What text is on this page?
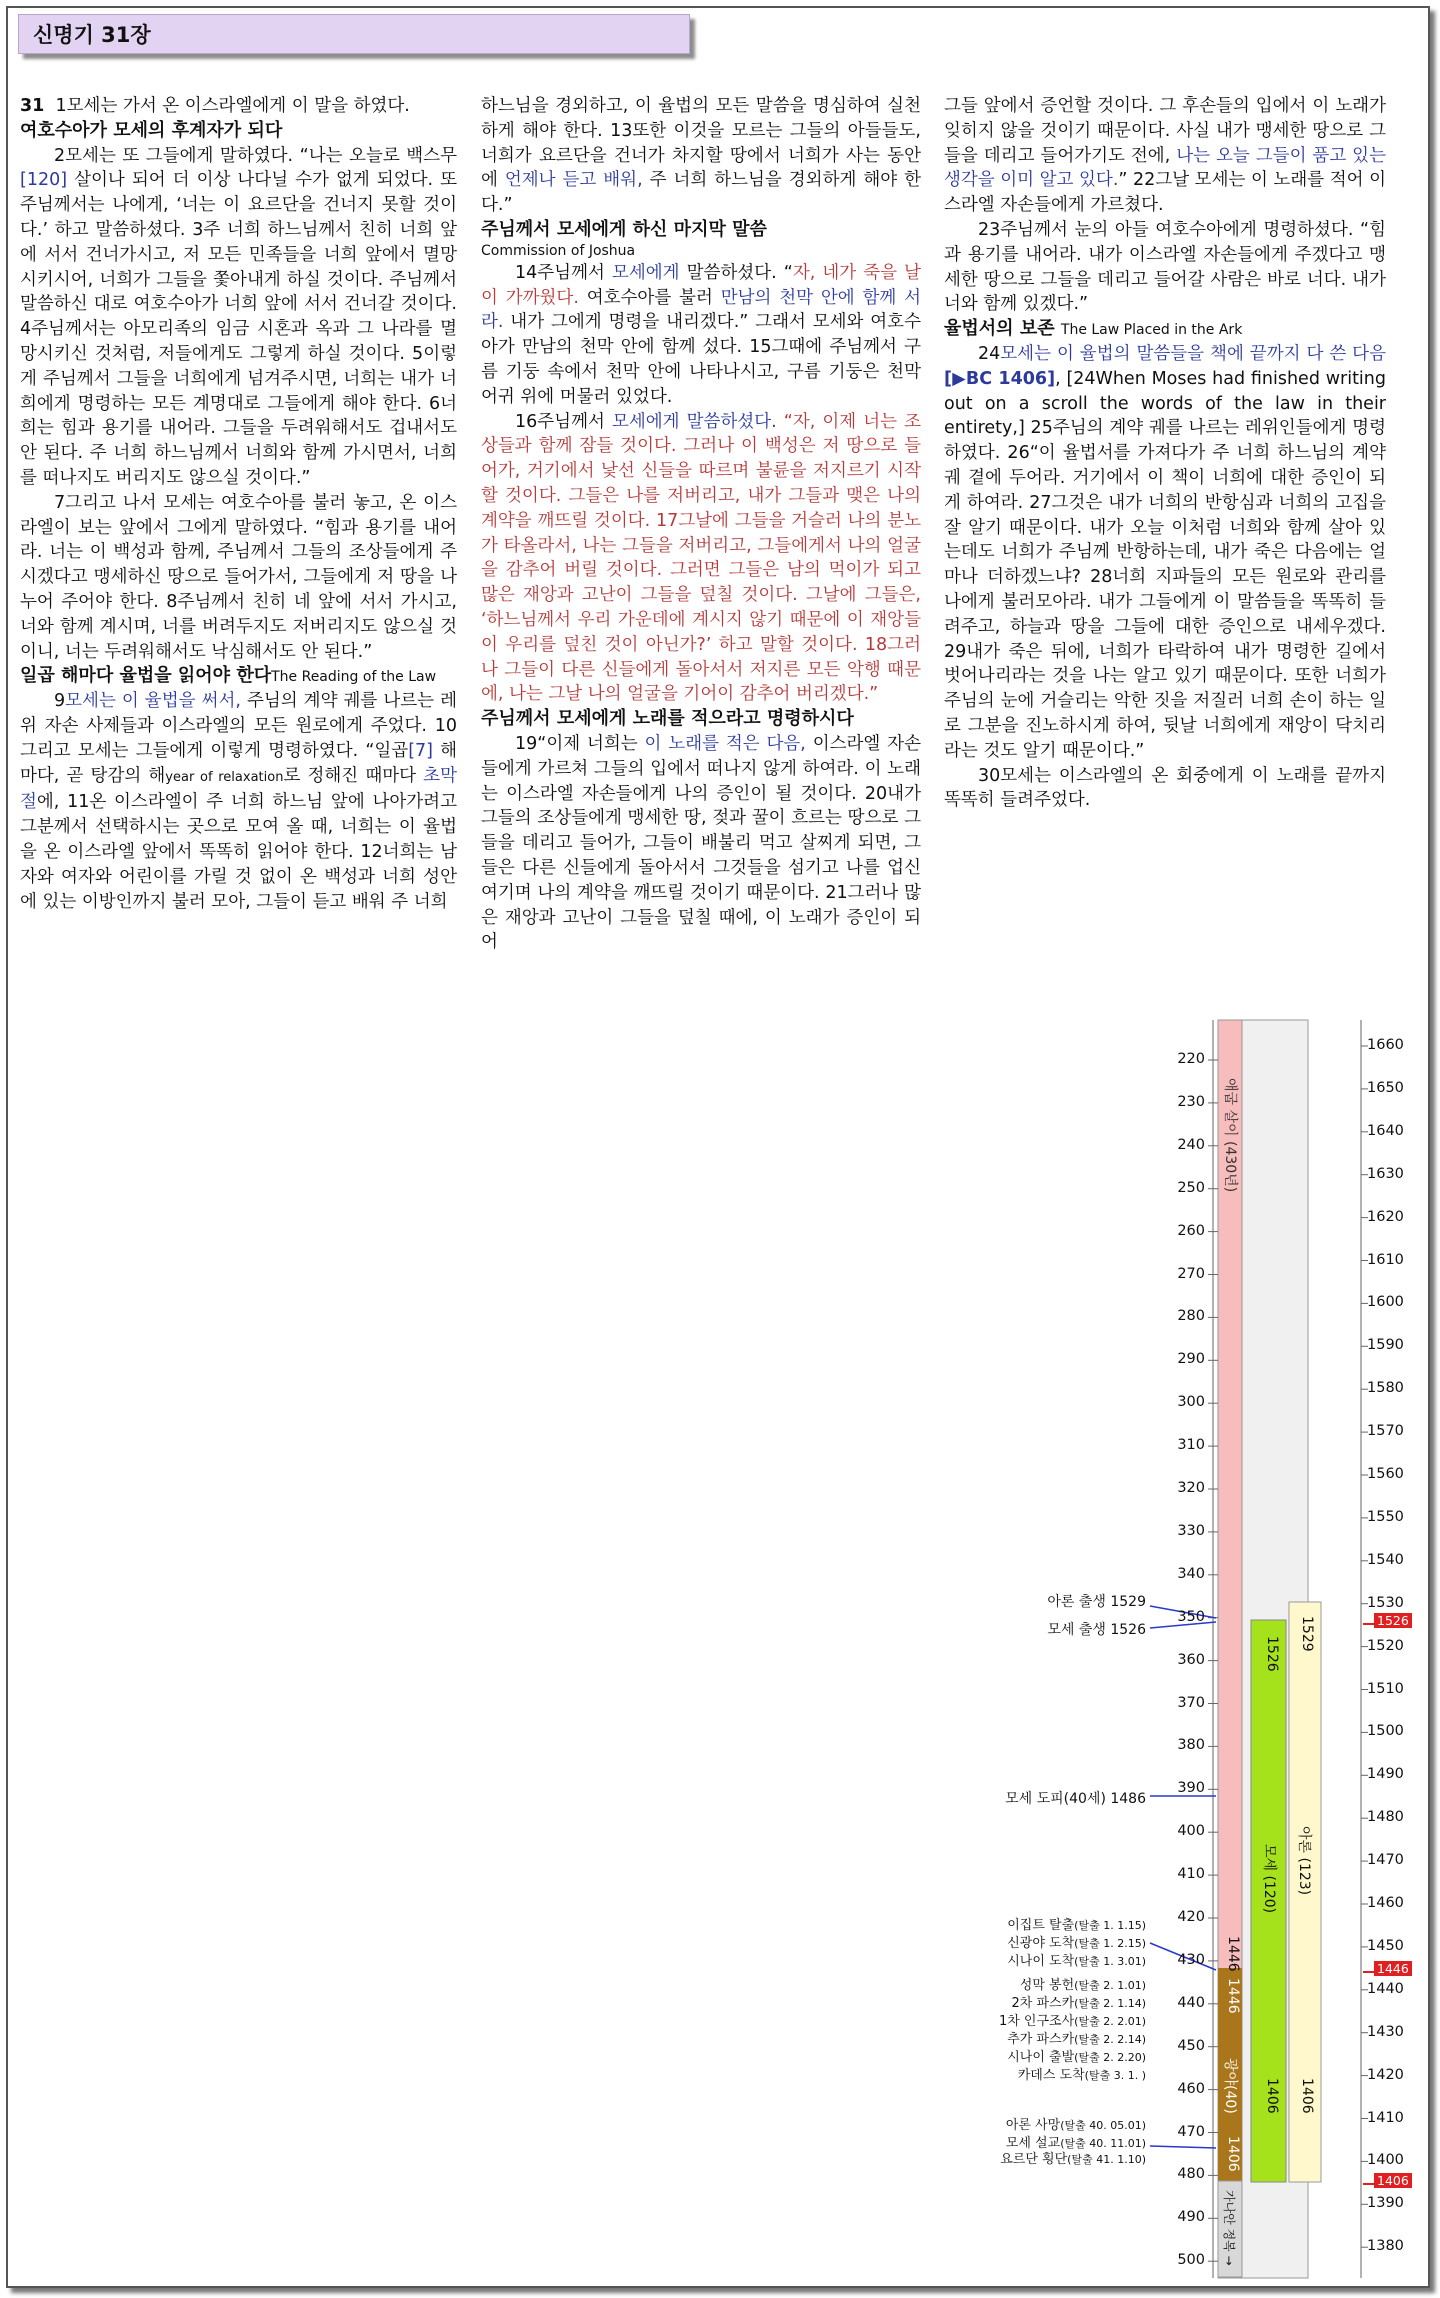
신명기 31장

31 1모세는 가서 온 이스라엘에게 이 말을 하였다.

여호수아가 모세의 후계자가 되다

2모세는 또 그들에게 말하였다. “나는 오늘로 백스무[120] 살이나 되어 더 이상 나다닐 수가 없게 되었다. 또 주님께서는 나에게, ‘너는 이 요르단을 건너지 못할 것이다.’ 하고 말씀하셨다. 3주 너희 하느님께서 친히 너희 앞에 서서 건너가시고, 저 모든 민족들을 너희 앞에서 멸망시키시어, 너희가 그들을 쫓아내게 하실 것이다. 주님께서 말씀하신 대로 여호수아가 너희 앞에 서서 건너갈 것이다. 4주님께서는 아모리족의 임금 시혼과 옥과 그 나라를 멸망시키신 것처럼, 저들에게도 그렇게 하실 것이다. 5이렇게 주님께서 그들을 너희에게 넘겨주시면, 너희는 내가 너희에게 명령하는 모든 계명대로 그들에게 해야 한다. 6너희는 힘과 용기를 내어라. 그들을 두려워해서도 겁내서도 안 된다. 주 너희 하느님께서 너희와 함께 가시면서, 너희를 떠나지도 버리지도 않으실 것이다.”

7그리고 나서 모세는 여호수아를 불러 놓고, 온 이스라엘이 보는 앞에서 그에게 말하였다. “힘과 용기를 내어라. 너는 이 백성과 함께, 주님께서 그들의 조상들에게 주시겠다고 맹세하신 땅으로 들어가서, 그들에게 저 땅을 나누어 주어야 한다. 8주님께서 친히 네 앞에 서서 가시고, 너와 함께 계시며, 너를 버려두지도 저버리지도 않으실 것이니, 너는 두려워해서도 낙심해서도 안 된다.”

일곱 해마다 율법을 읽어야 한다The Reading of the Law

9모세는 이 율법을 써서, 주님의 계약 궤를 나르는 레위 자손 사제들과 이스라엘의 모든 원로에게 주었다. 10그리고 모세는 그들에게 이렇게 명령하였다. “일곱[7] 해마다, 곧 탕감의 해year of relaxation로 정해진 때마다 초막절에, 11온 이스라엘이 주 너희 하느님 앞에 나아가려고 그분께서 선택하시는 곳으로 모여 올 때, 너희는 이 율법을 온 이스라엘 앞에서 똑똑히 읽어야 한다. 12너희는 남자와 여자와 어린이를 가릴 것 없이 온 백성과 너희 성안에 있는 이방인까지 불러 모아, 그들이 듣고 배워 주 너희

하느님을 경외하고, 이 율법의 모든 말씀을 명심하여 실천하게 해야 한다. 13또한 이것을 모르는 그들의 아들들도, 너희가 요르단을 건너가 차지할 땅에서 너희가 사는 동안에 언제나 듣고 배워, 주 너희 하느님을 경외하게 해야 한다.”

주님께서 모세에게 하신 마지막 말씀
Commission of Joshua

14주님께서 모세에게 말씀하셨다. “자, 네가 죽을 날이 가까웠다. 여호수아를 불러 만남의 천막 안에 함께 서라. 내가 그에게 명령을 내리겠다.” 그래서 모세와 여호수아가 만남의 천막 안에 함께 섰다. 15그때에 주님께서 구름 기둥 속에서 천막 안에 나타나시고, 구름 기둥은 천막 어귀 위에 머물러 있었다.

16주님께서 모세에게 말씀하셨다. “자, 이제 너는 조상들과 함께 잠들 것이다. 그러나 이 백성은 저 땅으로 들어가, 거기에서 낯선 신들을 따르며 불륜을 저지르기 시작할 것이다. 그들은 나를 저버리고, 내가 그들과 맺은 나의 계약을 깨뜨릴 것이다. 17그날에 그들을 거슬러 나의 분노가 타올라서, 나는 그들을 저버리고, 그들에게서 나의 얼굴을 감추어 버릴 것이다. 그러면 그들은 남의 먹이가 되고 많은 재앙과 고난이 그들을 덮칠 것이다. 그날에 그들은, ‘하느님께서 우리 가운데에 계시지 않기 때문에 이 재앙들이 우리를 덮친 것이 아닌가?’ 하고 말할 것이다. 18그러나 그들이 다른 신들에게 돌아서서 저지른 모든 악행 때문에, 나는 그날 나의 얼굴을 기어이 감추어 버리겠다.”

주님께서 모세에게 노래를 적으라고 명령하시다

19“이제 너희는 이 노래를 적은 다음, 이스라엘 자손들에게 가르쳐 그들의 입에서 떠나지 않게 하여라. 이 노래는 이스라엘 자손들에게 나의 증인이 될 것이다. 20내가 그들의 조상들에게 맹세한 땅, 젖과 꿀이 흐르는 땅으로 그들을 데리고 들어가, 그들이 배불리 먹고 살찌게 되면, 그들은 다른 신들에게 돌아서서 그것들을 섬기고 나를 업신여기며 나의 계약을 깨뜨릴 것이기 때문이다. 21그러나 많은 재앙과 고난이 그들을 덮칠 때에, 이 노래가 증인이 되어

그들 앞에서 증언할 것이다. 그 후손들의 입에서 이 노래가 잊히지 않을 것이기 때문이다. 사실 내가 맹세한 땅으로 그들을 데리고 들어가기도 전에, 나는 오늘 그들이 품고 있는 생각을 이미 알고 있다.” 22그날 모세는 이 노래를 적어 이스라엘 자손들에게 가르쳤다.

23주님께서 눈의 아들 여호수아에게 명령하셨다. “힘과 용기를 내어라. 내가 이스라엘 자손들에게 주겠다고 맹세한 땅으로 그들을 데리고 들어갈 사람은 바로 너다. 내가 너와 함께 있겠다.”

율법서의 보존 The Law Placed in the Ark

24모세는 이 율법의 말씀들을 책에 끝까지 다 쓴 다음[▶BC 1406], [24When Moses had finished writing out on a scroll the words of the law in their entirety,] 25주님의 계약 궤를 나르는 레위인들에게 명령하였다. 26“이 율법서를 가져다가 주 너희 하느님의 계약 궤 곁에 두어라. 거기에서 이 책이 너희에 대한 증인이 되게 하여라. 27그것은 내가 너희의 반항심과 너희의 고집을 잘 알기 때문이다. 내가 오늘 이처럼 너희와 함께 살아 있는데도 너희가 주님께 반항하는데, 내가 죽은 다음에는 얼마나 더하겠느냐? 28너희 지파들의 모든 원로와 관리를 나에게 불러모아라. 내가 그들에게 이 말씀들을 똑똑히 들려주고, 하늘과 땅을 그들에 대한 증인으로 내세우겠다. 29내가 죽은 뒤에, 너희가 타락하여 내가 명령한 길에서 벗어나리라는 것을 나는 알고 있기 때문이다. 또한 너희가 주님의 눈에 거슬리는 악한 짓을 저질러 너희 손이 하는 일로 그분을 진노하시게 하여, 뒷날 너희에게 재앙이 닥치리라는 것도 알기 때문이다.”

30모세는 이스라엘의 온 회중에게 이 노래를 끝까지 똑똑히 들려주었다.

220
230
240
250
260
270
280
290
300
310
320
330
340
350
360
370
380
390
400
410
420
430
440
450
460
470
480
490
500
1660
1650
1640
1630
1620
1610
1600
1590
1580
1570
1560
1550
1540
1530
1520
1510
1500
1490
1480
1470
1460
1450
1440
1430
1420
1410
1400
1390
1380
애굽 살이 (430년)
1446
1446
광야(40)
1406
가나안 정복 →
1526
모세 (120)
1406
1529
아론 (123)
1406
1526
1446
1406
아론 출생 1529
모세 출생 1526
모세 도피(40세) 1486
이집트 탈출(탈출 1. 1.15)
신광야 도착(탈출 1. 2.15)
시나이 도착(탈출 1. 3.01)
성막 봉헌(탈출 2. 1.01)
2차 파스카(탈출 2. 1.14)
1차 인구조사(탈출 2. 2.01)
추가 파스카(탈출 2. 2.14)
시나이 출발(탈출 2. 2.20)
카데스 도착(탈출 3. 1. )
아론 사망(탈출 40. 05.01)
모세 설교(탈출 40. 11.01)
요르단 횡단(탈출 41. 1.10)
